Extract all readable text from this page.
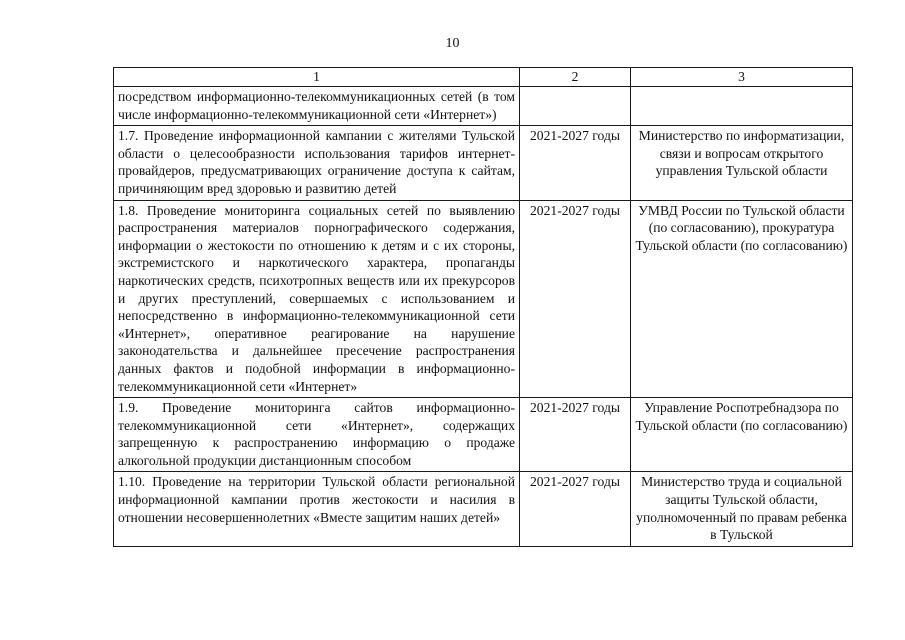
10
1	2	3
посредством информационно-телекоммуникационных сетей (в том числе информационно-телекоммуникационной сети «Интернет»)		
1.7. Проведение информационной кампании с жителями Тульской области о целесообразности использования тарифов интернет-провайдеров, предусматривающих ограничение доступа к сайтам, причиняющим вред здоровью и развитию детей	2021-2027 годы	Министерство по информатизации, связи и вопросам открытого управления Тульской области
1.8. Проведение мониторинга социальных сетей по выявлению распространения материалов порнографического содержания, информации о жестокости по отношению к детям и с их стороны, экстремистского и наркотического характера, пропаганды наркотических средств, психотропных веществ или их прекурсоров и других преступлений, совершаемых с использованием и непосредственно в информационно-телекоммуникационной сети «Интернет», оперативное реагирование на нарушение законодательства и дальнейшее пресечение распространения данных фактов и подобной информации в информационно-телекоммуникационной сети «Интернет»	2021-2027 годы	УМВД России по Тульской области (по согласованию), прокуратура Тульской области (по согласованию)
1.9. Проведение мониторинга сайтов информационно-телекоммуникационной сети «Интернет», содержащих запрещенную к распространению информацию о продаже алкогольной продукции дистанционным способом	2021-2027 годы	Управление Роспотребнадзора по Тульской области (по согласованию)
1.10. Проведение на территории Тульской области региональной информационной кампании против жестокости и насилия в отношении несовершеннолетних «Вместе защитим наших детей»	2021-2027 годы	Министерство труда и социальной защиты Тульской области, уполномоченный по правам ребенка в Тульской
